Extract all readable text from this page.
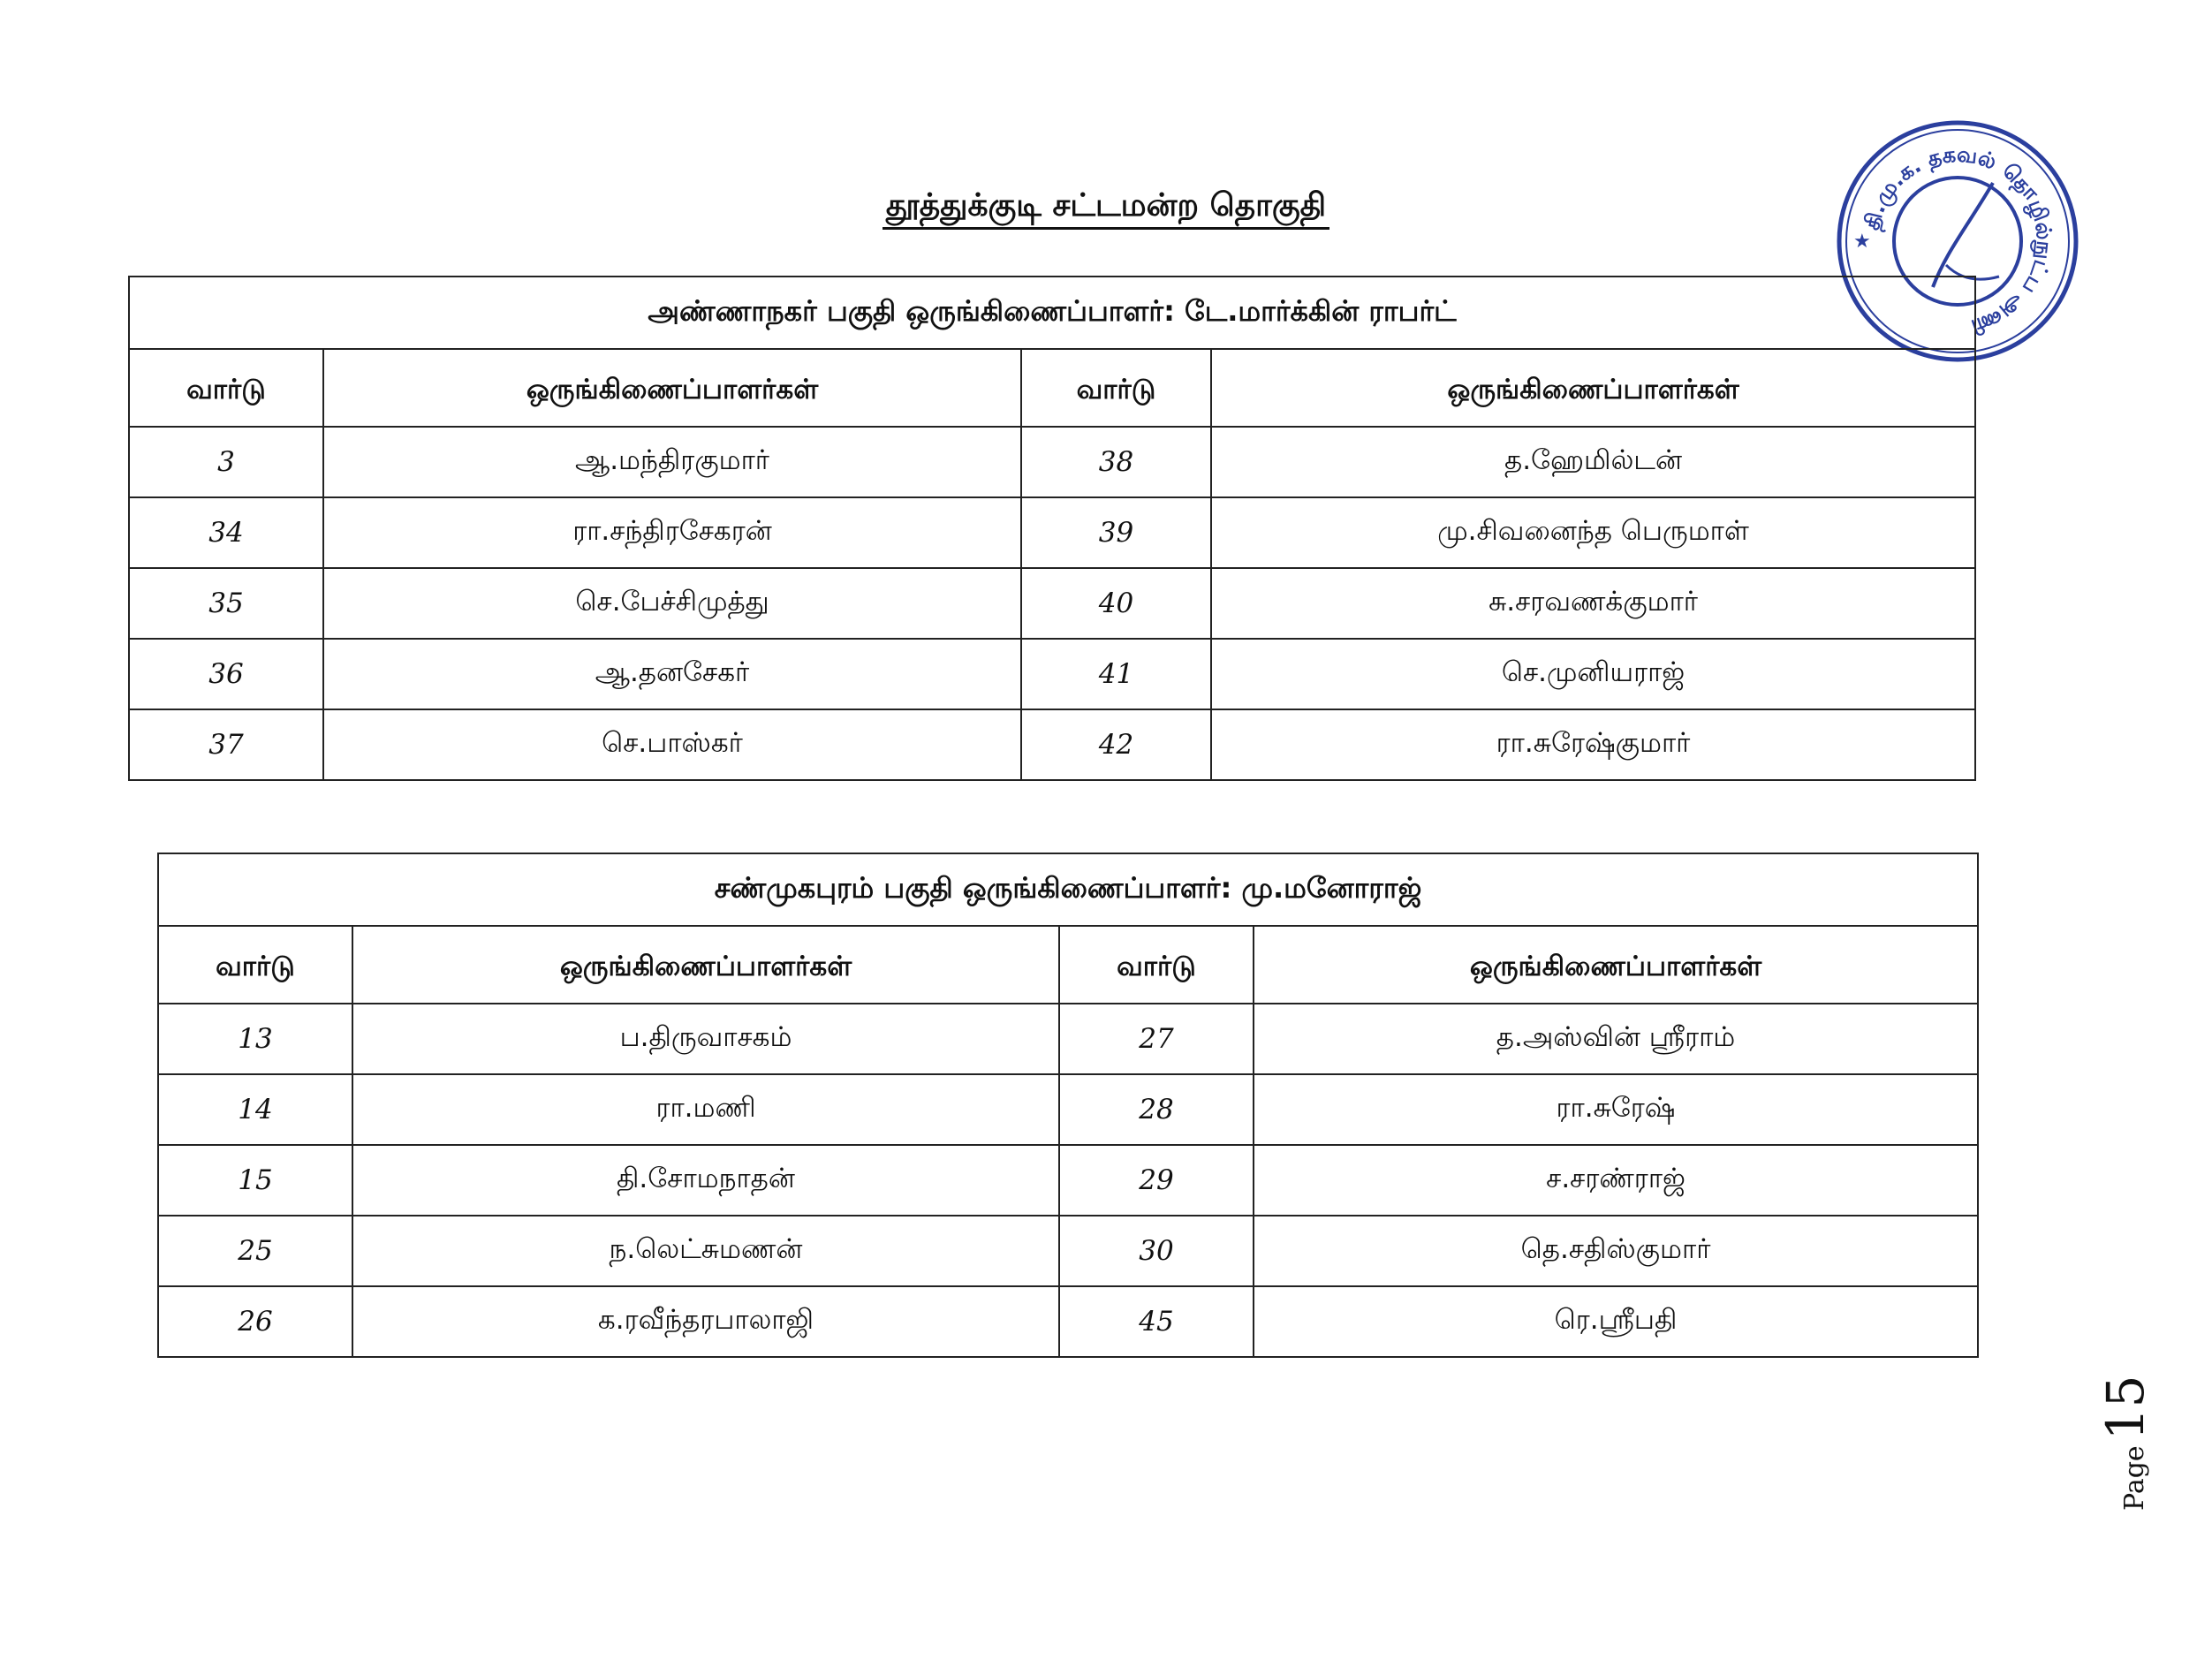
தூத்துக்குடி சட்டமன்ற தொகுதி	தி.மு.க. தகவல் தொழில்நுட்ப அணி
★
அண்ணாநகர் பகுதி ஒருங்கிணைப்பாளர்: டே.மார்க்கின் ராபர்ட்			
வார்டு	ஒருங்கிணைப்பாளர்கள்	வார்டு	ஒருங்கிணைப்பாளர்கள்
3	ஆ.மந்திரகுமார்	38	த.ஹேமில்டன்
34	ரா.சந்திரசேகரன்	39	மு.சிவனைந்த பெருமாள்
35	செ.பேச்சிமுத்து	40	சு.சரவணக்குமார்
36	ஆ.தனசேகர்	41	செ.முனியராஜ்
37	செ.பாஸ்கர்	42	ரா.சுரேஷ்குமார்
சண்முகபுரம் பகுதி ஒருங்கிணைப்பாளர்: மு.மனோராஜ்			
வார்டு	ஒருங்கிணைப்பாளர்கள்	வார்டு	ஒருங்கிணைப்பாளர்கள்
13	ப.திருவாசகம்	27	த.அஸ்வின் ஸ்ரீராம்
14	ரா.மணி	28	ரா.சுரேஷ்
15	தி.சோமநாதன்	29	ச.சரண்ராஜ்
25	ந.லெட்சுமணன்	30	தெ.சதிஸ்குமார்
26	க.ரவீந்தரபாலாஜி	45	ரெ.ஸ்ரீபதி
Page15
